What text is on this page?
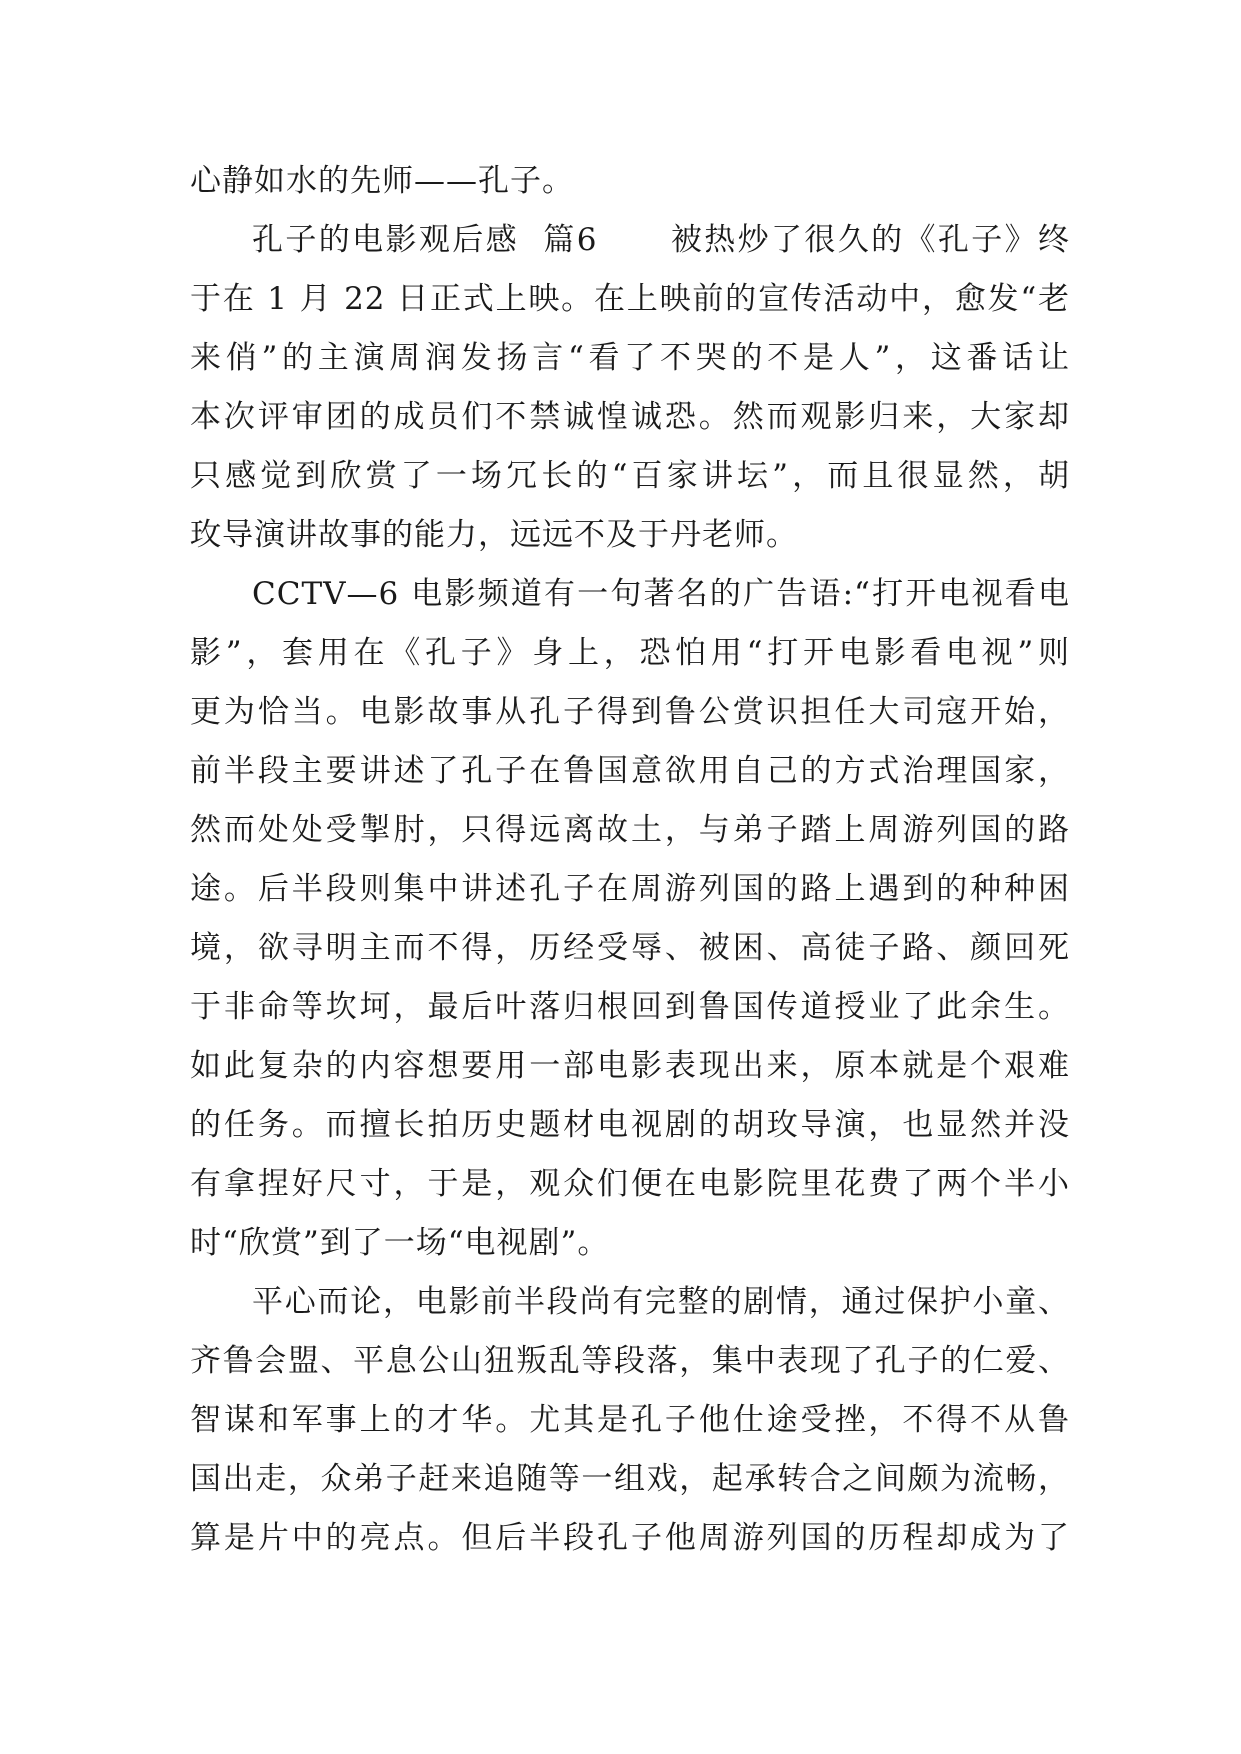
心静如水的先师——孔子。
孔子的电影观后感  篇6      被热炒了很久的《孔子》终
于在 1 月 22 日正式上映。在上映前的宣传活动中，愈发“老
来俏”的主演周润发扬言“看了不哭的不是人”，这番话让
本次评审团的成员们不禁诚惶诚恐。然而观影归来，大家却
只感觉到欣赏了一场冗长的“百家讲坛”，而且很显然，胡
玫导演讲故事的能力，远远不及于丹老师。
CCTV—6 电影频道有一句著名的广告语:“打开电视看电
影”，套用在《孔子》身上，恐怕用“打开电影看电视”则
更为恰当。电影故事从孔子得到鲁公赏识担任大司寇开始，
前半段主要讲述了孔子在鲁国意欲用自己的方式治理国家，
然而处处受掣肘，只得远离故土，与弟子踏上周游列国的路
途。后半段则集中讲述孔子在周游列国的路上遇到的种种困
境，欲寻明主而不得，历经受辱、被困、高徒子路、颜回死
于非命等坎坷，最后叶落归根回到鲁国传道授业了此余生。
如此复杂的内容想要用一部电影表现出来，原本就是个艰难
的任务。而擅长拍历史题材电视剧的胡玫导演，也显然并没
有拿捏好尺寸，于是，观众们便在电影院里花费了两个半小
时“欣赏”到了一场“电视剧”。
平心而论，电影前半段尚有完整的剧情，通过保护小童、
齐鲁会盟、平息公山狃叛乱等段落，集中表现了孔子的仁爱、
智谋和军事上的才华。尤其是孔子他仕途受挫，不得不从鲁
国出走，众弟子赶来追随等一组戏，起承转合之间颇为流畅，
算是片中的亮点。但后半段孔子他周游列国的历程却成为了
